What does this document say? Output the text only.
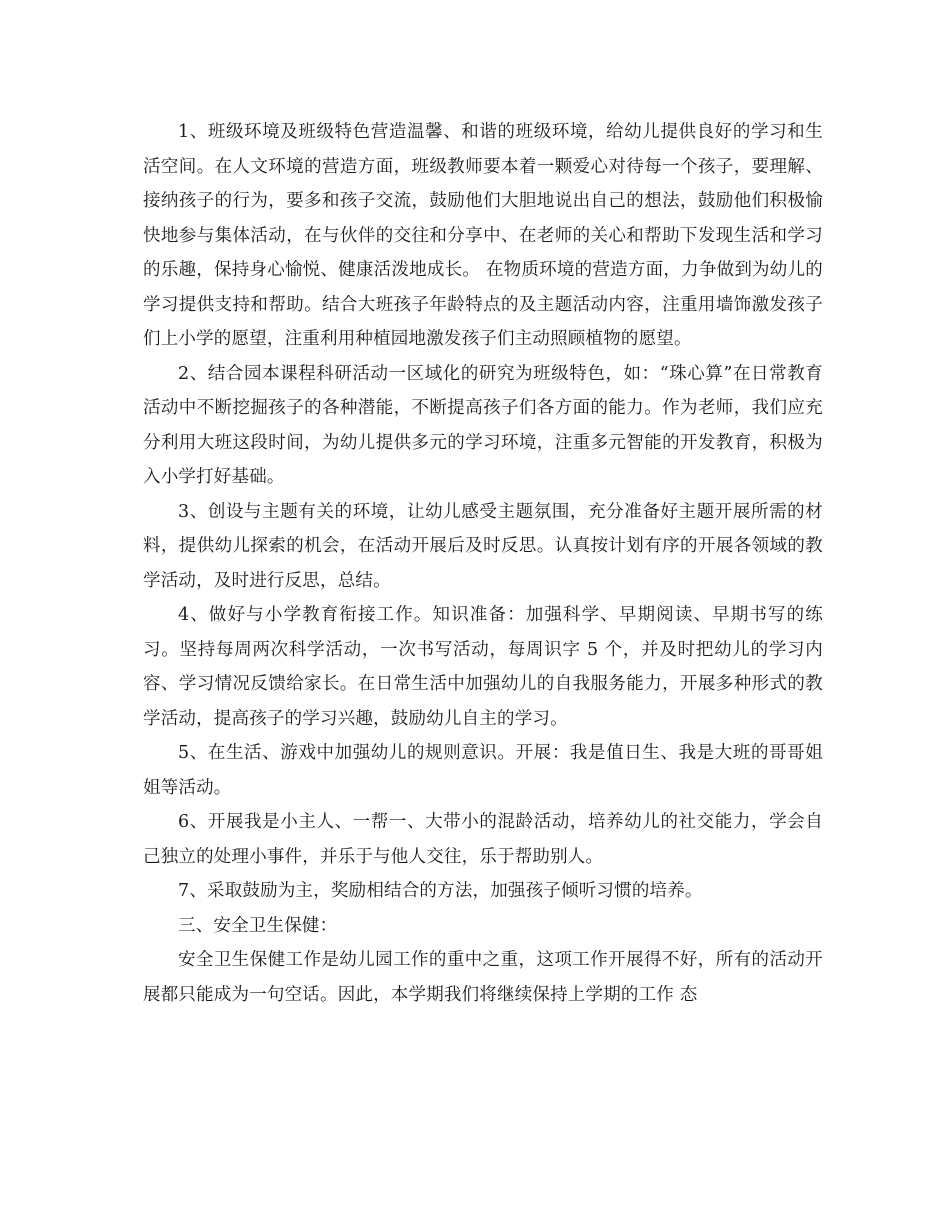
1、班级环境及班级特色营造温馨、和谐的班级环境，给幼儿提供良好的学习和生活空间。在人文环境的营造方面，班级教师要本着一颗爱心对待每一个孩子，要理解、接纳孩子的行为，要多和孩子交流，鼓励他们大胆地说出自己的想法，鼓励他们积极愉快地参与集体活动，在与伙伴的交往和分享中、在老师的关心和帮助下发现生活和学习的乐趣，保持身心愉悦、健康活泼地成长。 在物质环境的营造方面，力争做到为幼儿的学习提供支持和帮助。结合大班孩子年龄特点的及主题活动内容，注重用墙饰激发孩子们上小学的愿望，注重利用种植园地激发孩子们主动照顾植物的愿望。

2、结合园本课程科研活动一区域化的研究为班级特色，如：“珠心算”在日常教育活动中不断挖掘孩子的各种潜能，不断提高孩子们各方面的能力。作为老师，我们应充分利用大班这段时间，为幼儿提供多元的学习环境，注重多元智能的开发教育，积极为入小学打好基础。

3、创设与主题有关的环境，让幼儿感受主题氛围，充分准备好主题开展所需的材料，提供幼儿探索的机会，在活动开展后及时反思。认真按计划有序的开展各领域的教学活动，及时进行反思，总结。

4、做好与小学教育衔接工作。知识准备：加强科学、早期阅读、早期书写的练习。坚持每周两次科学活动，一次书写活动，每周识字 5 个，并及时把幼儿的学习内容、学习情况反馈给家长。在日常生活中加强幼儿的自我服务能力，开展多种形式的教学活动，提高孩子的学习兴趣，鼓励幼儿自主的学习。

5、在生活、游戏中加强幼儿的规则意识。开展：我是值日生、我是大班的哥哥姐姐等活动。

6、开展我是小主人、一帮一、大带小的混龄活动，培养幼儿的社交能力，学会自己独立的处理小事件，并乐于与他人交往，乐于帮助别人。

7、采取鼓励为主，奖励相结合的方法，加强孩子倾听习惯的培养。

三、安全卫生保健：

安全卫生保健工作是幼儿园工作的重中之重，这项工作开展得不好，所有的活动开展都只能成为一句空话。因此，本学期我们将继续保持上学期的工作 态
